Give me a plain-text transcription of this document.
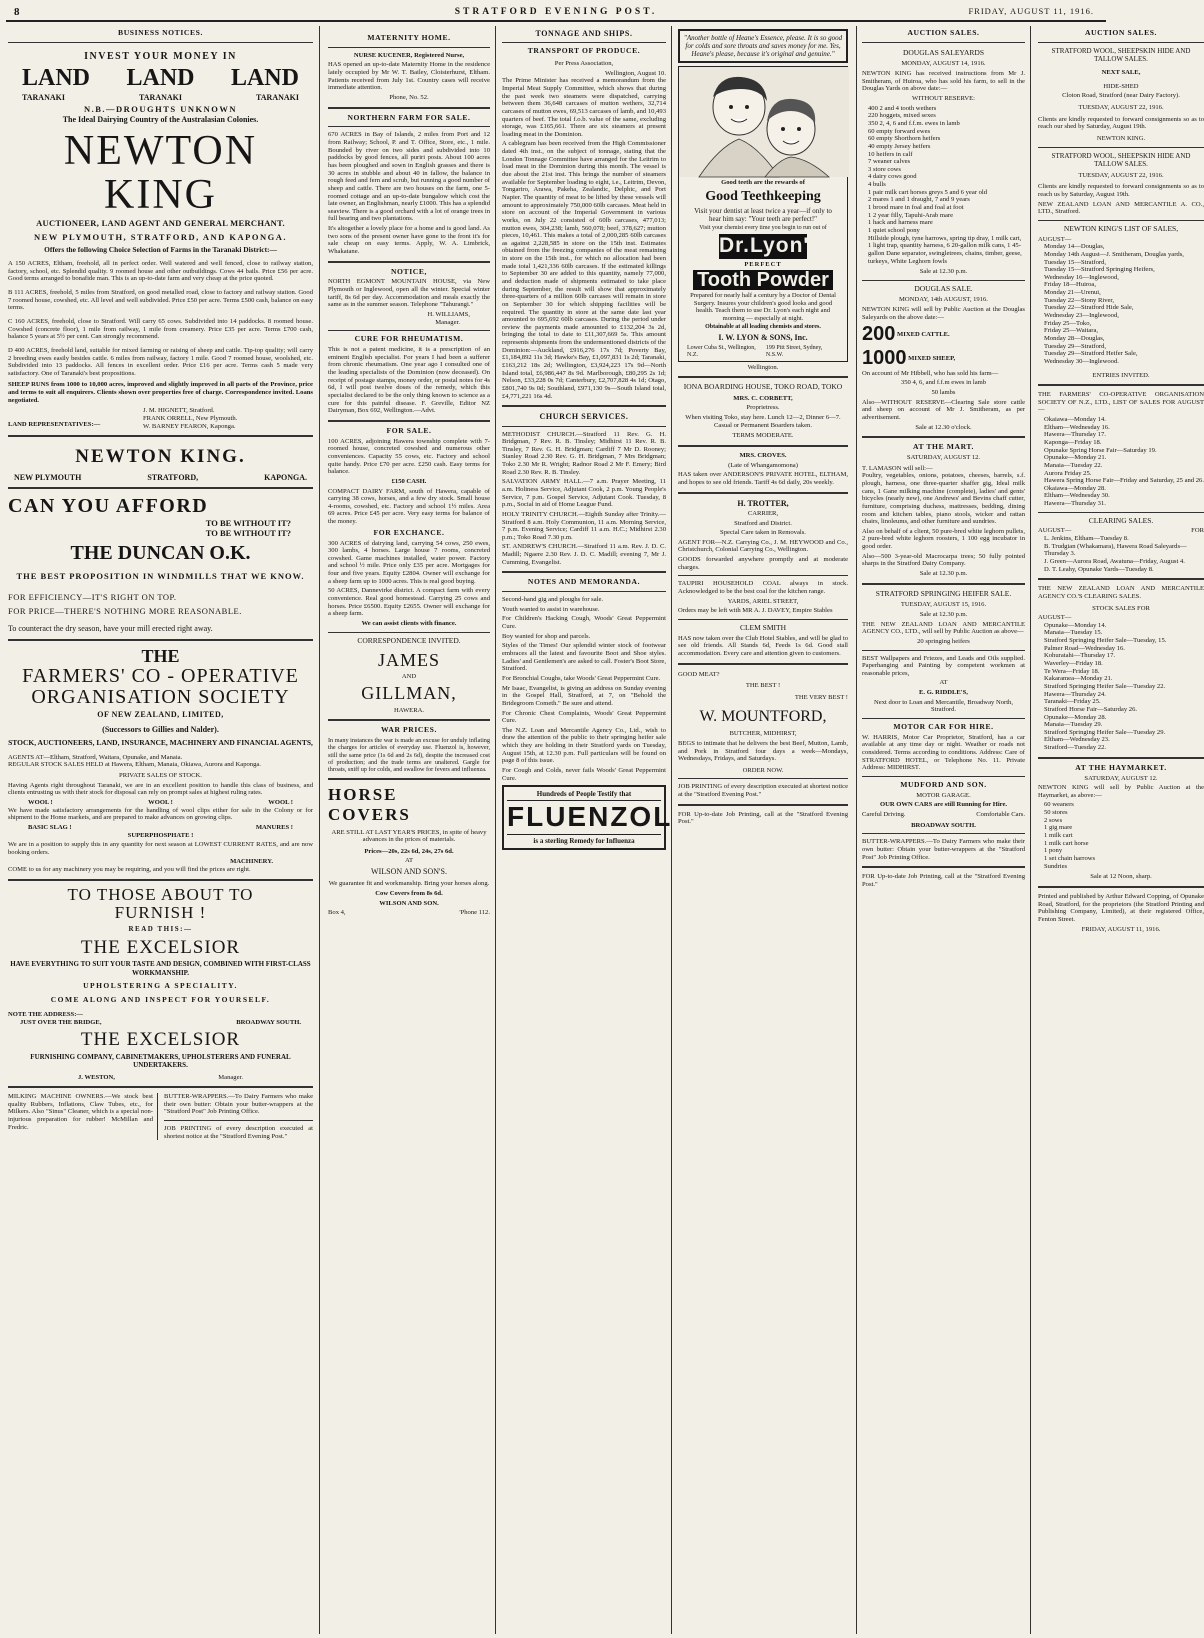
8	STRATFORD EVENING POST.	FRIDAY, AUGUST 11, 1916.
BUSINESS NOTICES.
INVEST YOUR MONEY IN
LAND LAND LAND
TARANAKI	TARANAKI	TARANAKI
N.B.—DROUGHTS UNKNOWN
The Ideal Dairying Country of the Australasian Colonies.
NEWTON KING
AUCTIONEER, LAND AGENT AND GENERAL MERCHANT.
NEW PLYMOUTH, STRATFORD, AND KAPONGA.
Offers the following Choice Selection of Farms in the Taranaki District:—
A 150 ACRES, Eltham, freehold, all in perfect order. Well watered and well fenced, close to railway station, factory, school, etc. Splendid quality. 9 roomed house and other outbuildings. Cows 44 bails. Price £56 per acre. Good terms arranged to bonafide man. This is an up-to-date farm and very cheap at the price quoted.
B 111 ACRES, freehold, 5 miles from Stratford, on good metalled road, close to factory and railway station. Good 7 roomed house, cowshed, etc. All level and well subdivided. Price £50 per acre. Terms £500 cash, balance on easy terms.
C 160 ACRES, freehold, close to Stratford. Will carry 65 cows. Subdivided into 14 paddocks. 8 roomed house. Cowshed (concrete floor), 1 mile from railway, 1 mile from creamery. Price £35 per acre. Terms £700 cash, balance 5 years at 5½ per cent. Can strongly recommend.
D 400 ACRES, freehold land, suitable for mixed farming or raising of sheep and cattle. Tip-top quality; will carry 2 breeding ewes easily besides cattle. 6 miles from railway, factory 1 mile. Good 7 roomed house, woolshed, etc. Subdivided into 13 paddocks. All fences in excellent order. Price £16 per acre. Terms cash 5 made very satisfactory. One of Taranaki's best propositions.
SHEEP RUNS from 1000 to 10,000 acres, improved and slightly improved in all parts of the Province, price and terms to suit all enquirers. Clients shown over properties free of charge. Correspondence invited. Loans negotiated.
LAND REPRESENTATIVES:—
J. M. HIGNETT, Stratford.
FRANK ORRELL, New Plymouth.
W. BARNEY FEARON, Kaponga.
NEWTON KING.
NEW PLYMOUTH	STRATFORD,	KAPONGA.
CAN YOU AFFORD
TO BE WITHOUT IT?
TO BE WITHOUT IT?
THE DUNCAN O.K.
THE BEST PROPOSITION IN WINDMILLS THAT WE KNOW.
FOR EFFICIENCY—IT'S RIGHT ON TOP.
FOR PRICE—THERE'S NOTHING MORE REASONABLE.
To counteract the dry season, have your mill erected right away.
THE
FARMERS' CO - OPERATIVE
ORGANISATION SOCIETY
OF NEW ZEALAND, LIMITED,
(Successors to Gillies and Nalder).
STOCK, AUCTIONEERS, LAND, INSURANCE, MACHINERY AND FINANCIAL AGENTS,
AGENTS AT—Eltham, Stratford, Waitara, Opunake, and Manaia.
REGULAR STOCK SALES HELD at Hawera, Eltham, Manaia, Okiawa, Aurora and Kaponga.
PRIVATE SALES OF STOCK.
Having Agents right throughout Taranaki, we are in an excellent position to handle this class of business, and clients entrusting us with their stock for disposal can rely on prompt sales at highest ruling rates.
WOOL !	WOOL !	WOOL !
We have made satisfactory arrangements for the handling of wool clips either for sale in the Colony or for shipment to the Home markets, and are prepared to make advances on growing clips.
BASIC SLAG !	MANURES !
SUPERPHOSPHATE !
We are in a position to supply this in any quantity for next season at LOWEST CURRENT RATES, and are now booking orders.
MACHINERY.
COME to us for any machinery you may be requiring, and you will find the prices are right.
TO THOSE ABOUT TO
FURNISH !
READ THIS:—
THE EXCELSIOR
HAVE EVERYTHING TO SUIT YOUR TASTE AND DESIGN, COMBINED WITH FIRST-CLASS WORKMANSHIP.
UPHOLSTERING A SPECIALITY.
COME ALONG AND INSPECT FOR YOURSELF.
NOTE THE ADDRESS:—
JUST OVER THE BRIDGE,	BROADWAY SOUTH.
THE EXCELSIOR
FURNISHING COMPANY, CABINETMAKERS, UPHOLSTERERS AND FUNERAL UNDERTAKERS.
J. WESTON,	Manager.
MILKING MACHINE OWNERS.—We stock best quality Rubbers, Inflations, Claw Tubes, etc., for Milkers. Also "Sinus" Cleaner, which is a special non-injurious preparation for rubber! McMillan and Fredric.
BUTTER-WRAPPERS.—To Dairy Farmers who make their own butter: Obtain your butter-wrappers at the "Stratford Post" Job Printing Office.
JOB PRINTING of every description executed at shortest notice at the "Stratford Evening Post."
MATERNITY HOME.
NURSE KUCENER, Registered Nurse,
HAS opened an up-to-date Maternity Home in the residence lately occupied by Mr W. T. Bailey, Cloisterhurst, Eltham. Patients received from July 1st. Country cases will receive immediate attention.
Phone, No. 52.
NORTHERN FARM FOR SALE.
670 ACRES in Bay of Islands, 2 miles from Port and 12 from Railway; School, P. and T. Office, Store, etc., 1 mile. Bounded by river on two sides and subdivided into 10 paddocks by good fences, all puriri posts. About 100 acres has been ploughed and sown in English grasses and there is 30 acres in stubble and about 40 in fallow, the balance in rough feed and fern and scrub, but running a good number of sheep and cattle. There are two houses on the farm, one 5-roomed cottage and an up-to-date bungalow which cost the late owner, an Englishman, nearly £1000. This has a splendid seaview. There is a good orchard with a lot of orange trees in full bearing and two plantations.
It's altogether a lovely place for a home and is good land. As two sons of the present owner have gone to the front it's for sale cheap on easy terms. Apply, W. A. Limbrick, Whakatane.
NOTICE,
NORTH EGMONT MOUNTAIN HOUSE, via New Plymouth or Inglewood, open all the winter. Special winter tariff, 8s 6d per day. Accommodation and meals exactly the same as in the summer season. Telephone "Tahurangi."
H. WILLIAMS,
Manager.
CURE FOR RHEUMATISM.
This is not a patent medicine, it is a prescription of an eminent English specialist. For years I had been a sufferer from chronic rheumatism. One year ago I consulted one of the leading specialists of the Dominion (now deceased). On receipt of postage stamps, money order, or postal notes for 4s 6d, I will post twelve doses of the remedy, which this specialist declared to be the only thing known to science as a cure for this painful disease. F. Greville, Editor NZ Dairyman, Box 692, Wellington.—Advt.
FOR SALE.
100 ACRES, adjoining Hawera township complete with 7-roomed house, concreted cowshed and numerous other conveniences. Capacity 55 cows, etc. Factory and school quite handy. Price £70 per acre. £250 cash. Easy terms for balance.
£150 CASH.
COMPACT DAIRY FARM, south of Hawera, capable of carrying 38 cows, horses, and a few dry stock. Small house 4-rooms, cowshed, etc. Factory and school 1½ miles. Area 69 acres. Price £45 per acre. Very easy terms for balance of the money.
FOR EXCHANCE.
300 ACRES of dairying land, carrying 54 cows, 250 ewes, 300 lambs, 4 horses. Large house 7 rooms, concreted cowshed. Game machines installed, water power. Factory and school ½ mile. Price only £35 per acre. Mortgages for four and five years. Equity £2804. Owner will exchange for a sheep farm up to 1000 acres. This is real good buying.
50 ACRES, Dannevirke district. A compact farm with every convenience. Real good homestead. Carrying 25 cows and horses. Price £6500. Equity £2655. Owner will exchange for a sheep farm.
We can assist clients with finance.
CORRESPONDENCE INVITED.
JAMES
AND
GILLMAN,
HAWERA.
WAR PRICES.
In many instances the war is made an excuse for unduly inflating the charges for articles of everyday use. Fluenzol is, however, still the same price (1s 6d and 2s 6d), despite the increased cost of production; and the trade terms are unaltered. Gargle for throats, sniff up for colds, and swallow for fevers and influenza.
HORSE
COVERS
ARE STILL AT LAST YEAR'S PRICES, in spite of heavy advances in the prices of materials.
Prices—20s, 22s 6d, 24s, 27s 6d.
AT
WILSON AND SON'S.
We guarantee fit and workmanship. Bring your horses along.
Cow Covers from 8s 6d.
WILSON AND SON.
Box 4,	'Phone 112.
TONNAGE AND SHIPS.
TRANSPORT OF PRODUCE.
Per Press Association,
Wellington, August 10.
The Prime Minister has received a memorandum from the Imperial Meat Supply Committee, which shows that during the past week two steamers were dispatched, carrying between them 36,648 carcases of mutton wethers, 32,714 carcases of mutton ewes, 69,513 carcases of lamb, and 10,493 quarters of beef. The total f.o.b. value of the same, excluding storage, was £165,661. There are six steamers at present loading meat in the Dominion.
A cablegram has been received from the High Commissioner dated 4th inst., on the subject of tonnage, stating that the London Tonnage Committee have arranged for the Leitrim to load meat in the Dominion during this month. The vessel is due about the 21st inst. This brings the number of steamers available for September loading to eight, i.e., Leitrim, Devon, Tongariro, Arawa, Pakeha, Zealandic, Delphic, and Port Napier. The quantity of meat to be lifted by these vessels will amount to approximately 750,000 60lb carcases. Meat held in store on account of the Imperial Government in various works, on July 22 consisted of 60lb carcases, 477,013; mutton ewes, 304,238; lamb, 560,078; beef, 378,627; mutton pieces, 10,461. This makes a total of 2,000,285 60lb carcases as against 2,228,585 in store on the 15th inst. Estimates obtained from the freezing companies of the meat remaining in store on the 15th inst., for which no allocation had been made total 1,421,336 60lb carcases. If the estimated killings to September 30 are added to this quantity, namely 77,000, and deduction made of shipments estimated to take place during September, the result will show that approximately three-quarters of a million 60lb carcases will remain in store on September 30 for which shipping facilities will be required. The quantity in store at the same date last year amounted to 695,692 60lb carcases. During the period under review the payments made amounted to £132,204 3s 2d, bringing the total to date to £11,307,669 5s. This amount represents shipments from the undermentioned districts of the Dominion:—Auckland, £916,276 17s 7d; Poverty Bay, £1,184,892 11s 3d; Hawke's Bay, £1,097,831 1s 2d; Taranaki, £163,212 18s 2d; Wellington, £3,924,223 17s 9d—North Island total, £6,986,447 8s 9d. Marlborough, £80,295 2s 1d; Nelson, £33,228 0s 7d; Canterbury, £2,707,828 4s 1d; Otago, £801,740 9s 0d; Southland, £971,130 9s—South Island total, £4,771,221 16s 4d.
CHURCH SERVICES.
METHODIST CHURCH.—Stratford 11 Rev. G. H. Bridgman, 7 Rev. R. B. Tinsley; Midhirst 11 Rev. R. B. Tinsley, 7 Rev. G. H. Bridgman; Cardiff 7 Mr D. Rooney; Stanley Road 2.30 Rev. G. H. Bridgman, 7 Mrs Bridgman; Toko 2.30 Mr R. Wright; Radnor Road 2 Mr F. Emery; Bird Road 2.30 Rev. R. B. Tinsley.
SALVATION ARMY HALL.—7 a.m. Prayer Meeting, 11 a.m. Holiness Service, Adjutant Cook, 2 p.m. Young People's Service, 7 p.m. Gospel Service, Adjutant Cook. Tuesday, 8 p.m., Social in aid of Home League Fund.
HOLY TRINITY CHURCH.—Eighth Sunday after Trinity.—Stratford 8 a.m. Holy Communion, 11 a.m. Morning Service, 7 p.m. Evening Service; Cardiff 11 a.m. H.C.; Midhirst 2.30 p.m.; Toko Road 7.30 p.m.
ST. ANDREW'S CHURCH.—Stratford 11 a.m. Rev. J. D. C. Madill; Ngaere 2.30 Rev. J. D. C. Madill; evening 7, Mr J. Cumming, Evangelist.
NOTES AND MEMORANDA.
Second-hand gig and ploughs for sale.
Youth wanted to assist in warehouse.
For Children's Hacking Cough, Woods' Great Peppermint Cure.
Boy wanted for shop and parcels.
Styles of the Times! Our splendid winter stock of footwear embraces all the latest and favourite Boot and Shoe styles. Ladies' and Gentlemen's are asked to call. Foster's Boot Store, Stratford.
For Bronchial Coughs, take Woods' Great Peppermint Cure.
Mr Isaac, Evangelist, is giving an address on Sunday evening in the Gospel Hall, Stratford, at 7, on "Behold the Bridegroom Cometh." Be sure and attend.
For Chronic Chest Complaints, Woods' Great Peppermint Cure.
The N.Z. Loan and Mercantile Agency Co., Ltd., wish to draw the attention of the public to their springing heifer sale which they are holding in their Stratford yards on Tuesday, August 15th, at 12.30 p.m. Full particulars will be found on page 8 of this issue.
For Cough and Colds, never fails Woods' Great Peppermint Cure.
Hundreds of People Testify that
FLUENZOL
is a sterling Remedy for Influenza
"Another bottle of Heane's Essence, please. It is so good for colds and sore throats and saves money for me. Yes, Heane's please, because it's original and genuine."
Good teeth are the rewards of
Good Teethkeeping
Visit your dentist at least twice a year—if only to hear him say: "Your teeth are perfect!"
Visit your chemist every time you begin to run out of
Dr.Lyon's
PERFECT
Tooth Powder
Prepared for nearly half a century by a Doctor of Dental Surgery. Insures your children's good looks and good health. Teach them to use Dr. Lyon's each night and morning — especially at night.
Obtainable at all leading chemists and stores.
I. W. LYON & SONS, Inc.
Lower Cuba St., Wellington, N.Z.
199 Pitt Street, Sydney, N.S.W.
Wellington.
IONA BOARDING HOUSE, TOKO ROAD, TOKO
MRS. C. CORBETT,
Proprietress.
When visiting Toko, stay here. Lunch 12—2, Dinner 6—7. Casual or Permanent Boarders taken.
TERMS MODERATE.
MRS. CROVES.
(Late of Whangamomona)
HAS taken over ANDERSON'S PRIVATE HOTEL, ELTHAM, and hopes to see old friends. Tariff 4s 6d daily, 20s weekly.
H. TROTTER,
CARRIER,
Stratford and District.
Special Care taken in Removals.
AGENT FOR—N.Z. Carrying Co., J. M. HEYWOOD and Co., Christchurch, Colonial Carrying Co., Wellington.
GOODS forwarded anywhere promptly and at moderate charges.
TAUPIRI HOUSEHOLD COAL always in stock. Acknowledged to be the best coal for the kitchen range.
YARDS, ARIEL STREET,
Orders may be left with MR A. J. DAVEY, Empire Stables
CLEM SMITH
HAS now taken over the Club Hotel Stables, and will be glad to see old friends. All Stands 6d, Feeds 1s 6d. Good stall accommodation. Every care and attention given to customers.
GOOD MEAT?
THE BEST !
THE VERY BEST !
W. MOUNTFORD,
BUTCHER, MIDHIRST,
BEGS to intimate that he delivers the best Beef, Mutton, Lamb, and Pork in Stratford four days a week—Mondays, Wednesdays, Fridays, and Saturdays.
ORDER NOW.
JOB PRINTING of every description executed at shortest notice at the "Stratford Evening Post."
FOR Up-to-date Job Printing, call at the "Stratford Evening Post."
AUCTION SALES.
DOUGLAS SALEYARDS
MONDAY, AUGUST 14, 1916.
NEWTON KING has received instructions from Mr J. Smitheram, of Huiroa, who has sold his farm, to sell in the Douglas Yards on above date:—
WITHOUT RESERVE:
400 2 and 4 tooth wethers
220 hoggets, mixed sexes
350 2, 4, 6 and f.f.m. ewes in lamb
60 empty forward ewes
60 empty Shorthorn heifers
40 empty Jersey heifers
10 heifers in calf
7 weaner calves
3 store cows
4 dairy cows good
4 bulls
1 pair milk cart horses greys 5 and 6 year old
2 mares 1 and 1 draught, 7 and 9 years
1 brood mare in foal and foal at foot
1 2 year filly, Tapuhi-Arab mare
1 hack and harness mare
1 quiet school pony
Hillside plough, tyne harrows, spring tip dray, 1 milk cart, 1 light trap, quantity harness, 6 20-gallon milk cans, 1 45-gallon Dane separator, swingletrees, chains, timber, geese, turkeys, White Leghorn fowls
Sale at 12.30 p.m.
DOUGLAS SALE.
MONDAY, 14th AUGUST, 1916.
NEWTON KING will sell by Public Auction at the Douglas Saleyards on the above date:—
200 MIXED CATTLE.
1000 MIXED SHEEP,
On account of Mr Hibbell, who has sold his farm—
350 4, 6, and f.f.m ewes in lamb
50 lambs
Also—WITHOUT RESERVE—Clearing Sale store cattle and sheep on account of Mr J. Smitheram, as per advertisement.
Sale at 12.30 o'clock.
AT THE MART.
SATURDAY, AUGUST 12.
T. LAMASON will sell:—
Poultry, vegetables, onions, potatoes, cheeses, barrels, s.f. plough, harness, one three-quarter shaffer gig, Ideal milk cans, 1 Gane milking machine (complete), ladies' and gents' bicycles (nearly new), one Andrews' and Bevins chaff cutter, furniture, comprising duchess, mattresses, bedding, dining room and kitchen tables, piano stools, wicker and rattan chairs, linoleums, and other furniture and sundries.
Also on behalf of a client, 50 pure-bred white leghorn pullets, 2 pure-bred white leghorn roosters, 1 100 egg incubator in good order.
Also—500 3-year-old Macrocarpa trees; 50 fully pointed sharps in the Stratford Dairy Company.
Sale at 12.30 p.m.
STRATFORD SPRINGING HEIFER SALE.
TUESDAY, AUGUST 15, 1916.
Sale at 12.30 p.m.
THE NEW ZEALAND LOAN AND MERCANTILE AGENCY CO., LTD., will sell by Public Auction as above—
20 springing heifers
BEST Wallpapers and Friezes, and Leads and Oils supplied. Paperhanging and Painting by competent workmen at reasonable prices,
AT
E. G. RIDDLE'S,
Next door to Loan and Mercantile, Broadway North, Stratford.
MOTOR CAR FOR HIRE.
W. HARRIS, Motor Car Proprietor, Stratford, has a car available at any time day or night. Weather or roads not considered. Terms according to conditions. Address: Care of STRATFORD HOTEL, or Telephone No. 11. Private Address: MIDHIRST.
MUDFORD AND SON.
MOTOR GARAGE.
OUR OWN CARS are still Running for Hire.
Careful Driving.	Comfortable Cars.
BROADWAY SOUTH.
BUTTER-WRAPPERS.—To Dairy Farmers who make their own butter: Obtain your butter-wrappers at the "Stratford Post" Job Printing Office.
FOR Up-to-date Job Printing, call at the "Stratford Evening Post."
AUCTION SALES.
STRATFORD WOOL, SHEEPSKIN HIDE AND TALLOW SALES.
NEXT SALE,
HIDE-SHED
Cloton Road, Stratford (near Dairy Factory).
TUESDAY, AUGUST 22, 1916.
Clients are kindly requested to forward consignments so as to reach our shed by Saturday, August 19th.
NEWTON KING.
STRATFORD WOOL, SHEEPSKIN HIDE AND TALLOW SALES.
TUESDAY, AUGUST 22, 1916.
Clients are kindly requested to forward consignments so as to reach us by Saturday, August 19th.
NEW ZEALAND LOAN AND MERCANTILE A. CO., LTD., Stratford.
NEWTON KING'S LIST OF SALES,
AUGUST—
Monday 14—Douglas,
Monday 14th August—J. Smitheram, Douglas yards,
Tuesday 15—Stratford,
Tuesday 15—Stratford Springing Heifers,
Wednesday 16—Inglewood,
Friday 18—Huiroa,
Monday 21—Urenui,
Tuesday 22—Stony River,
Tuesday 22—Stratford Hide Sale,
Wednesday 23—Inglewood,
Friday 25—Toko,
Friday 25—Waitara,
Monday 28—Douglas,
Tuesday 29—Stratford,
Tuesday 29—Stratford Heifer Sale,
Wednesday 30—Inglewood.
ENTRIES INVITED.
THE FARMERS' CO-OPERATIVE ORGANISATION SOCIETY OF N.Z., LTD., LIST OF SALES FOR AUGUST—
Okaiawa—Monday 14.
Eltham—Wednesday 16.
Hawera—Thursday 17.
Kaponga—Friday 18.
Opunake Spring Horse Fair—Saturday 19.
Opunake—Monday 21.
Manaia—Tuesday 22.
Aurora Friday 25.
Hawera Spring Horse Fair—Friday and Saturday, 25 and 26.
Okaiawa—Monday 28.
Eltham—Wednesday 30.
Hawera—Thursday 31.
CLEARING SALES.
AUGUST—	FOR
L. Jenkins, Eltham—Tuesday 8.
B. Trudgian (Whakamara), Hawera Road Saleyards—Thursday 3.
J. Green—Aurora Road, Awatuna—Friday, August 4.
D. T. Leahy, Opunake Yards—Tuesday 8.
THE NEW ZEALAND LOAN AND MERCANTILE AGENCY CO.'S CLEARING SALES.
STOCK SALES FOR
AUGUST—
Opunake—Monday 14.
Manaia—Tuesday 15.
Stratford Springing Heifer Sale—Tuesday, 15.
Palmer Road—Wednesday 16.
Kohuratahi—Thursday 17.
Waverley—Friday 18.
Te Wera—Friday 18.
Kakaramea—Monday 21.
Stratford Springing Heifer Sale—Tuesday 22.
Hawera—Thursday 24.
Taranaki—Friday 25.
Stratford Horse Fair—Saturday 26.
Opunake—Monday 28.
Manaia—Tuesday 29.
Stratford Springing Heifer Sale—Tuesday 29.
Eltham—Wednesday 23.
Stratford—Tuesday 22.
AT THE HAYMARKET.
SATURDAY, AUGUST 12.
NEWTON KING will sell by Public Auction at the Haymarket, as above:—
60 weaners
50 stores
2 sows
1 gig mare
1 milk cart
1 milk cart horse
1 pony
1 set chain harrows
Sundries
Sale at 12 Noon, sharp.
Printed and published by Arthur Edward Copping, of Opunake Road, Stratford, for the proprietors (the Stratford Printing and Publishing Company, Limited), at their registered Office, Fenton Street.
FRIDAY, AUGUST 11, 1916.
